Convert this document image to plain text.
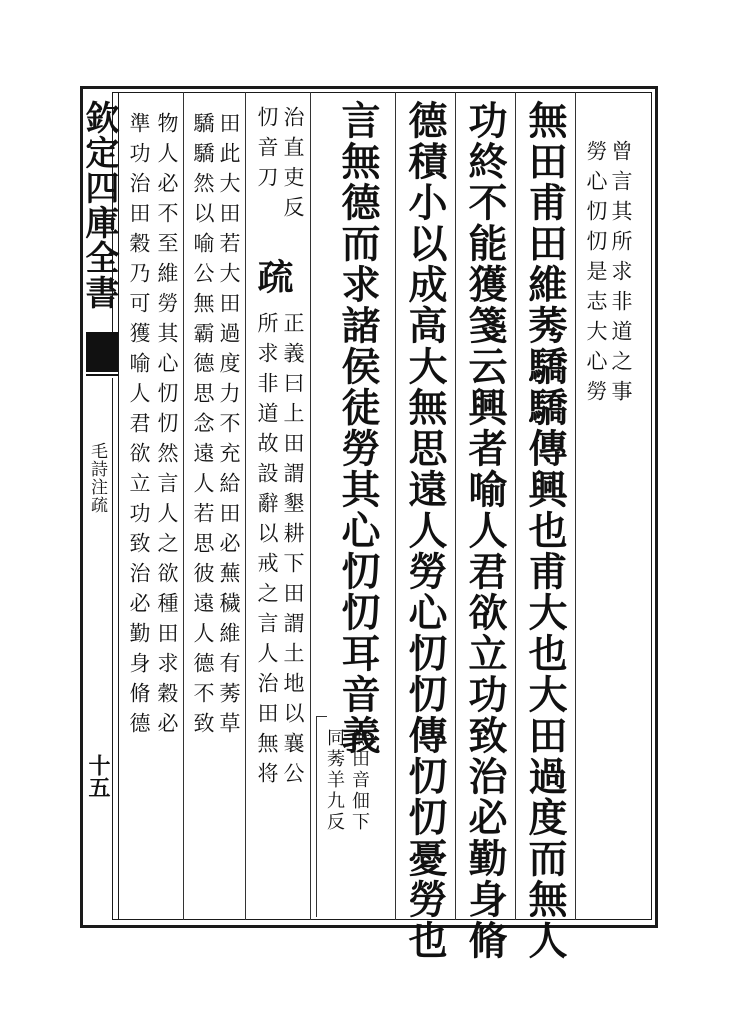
欽定四庫全書
毛詩注疏
十五
曾言其所求非道之事
勞心忉忉是志大心勞
無田甫田維莠驕驕傳興也甫大也大田過度而無人
功終不能獲箋云興者喻人君欲立功致治必勤身脩
德積小以成高大無思遠人勞心忉忉傳忉忉憂勞也
言無德而求諸侯徒勞其心忉忉耳音義
無田音佃下
同莠羊九反
治直吏反
忉音刀
疏
正義曰上田謂墾耕下田謂土地以襄公
所求非道故設辭以戒之言人治田無将
田此大田若大田過度力不充給田必蕪穢維有莠草
驕驕然以喻公無霸德思念遠人若思彼遠人德不致
物人必不至維勞其心忉忉然言人之欲種田求穀必
準功治田穀乃可獲喻人君欲立功致治必勤身脩德
